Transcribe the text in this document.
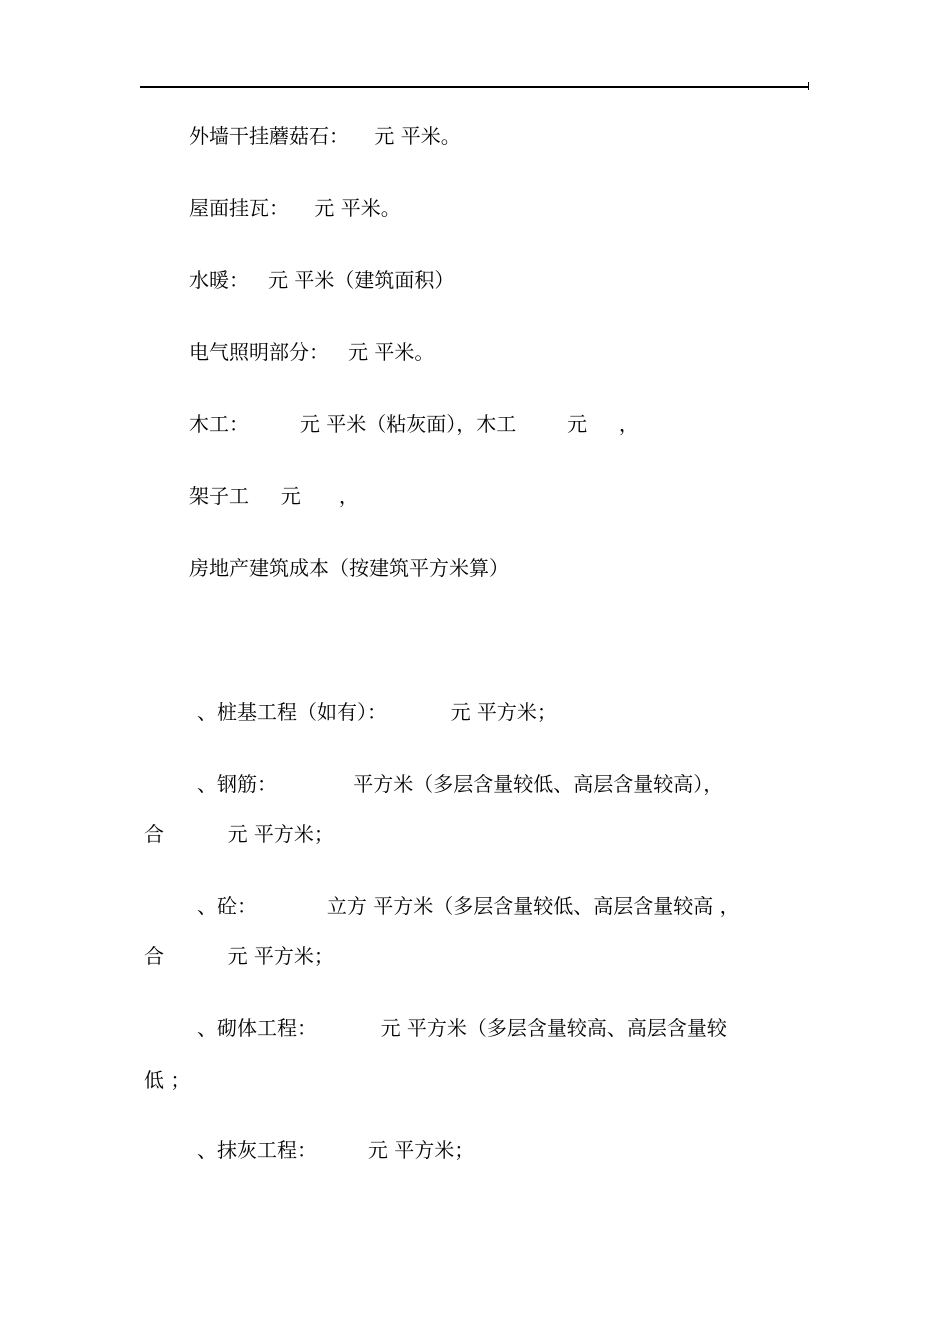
外墙干挂蘑菇石：    元 平米。

屋面挂瓦：    元 平米。

水暖：   元 平米（建筑面积）

电气照明部分：   元 平米。

木工：        元 平米（粘灰面），木工        元     ，

架子工     元      ，

房地产建筑成本（按建筑平方米算）

、桩基工程（如有）：          元 平方米；

、钢筋：            平方米（多层含量较低、高层含量较高），

合          元 平方米；

、砼：           立方 平方米（多层含量较低、高层含量较高 ，

合          元 平方米；

、砌体工程：          元 平方米（多层含量较高、高层含量较

低 ；

、抹灰工程：        元 平方米；
